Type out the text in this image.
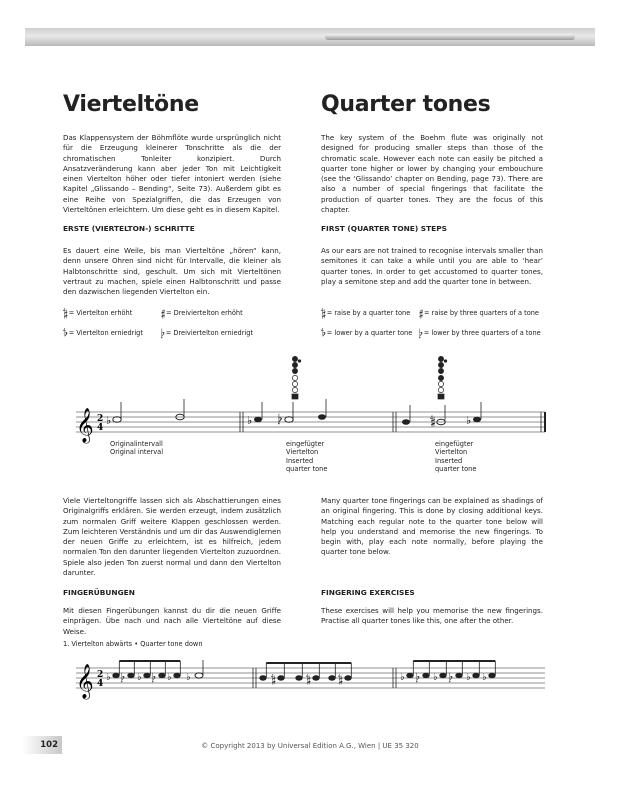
Vierteltöne

Das Klappensystem der Böhmflöte wurde ursprünglich nicht für die Erzeugung kleinerer Tonschritte als die der chromatischen Tonleiter konzipiert. Durch Ansatzveränderung kann aber jeder Ton mit Leichtigkeit einen Viertelton höher oder tiefer intoniert werden (siehe Kapitel „Glissando – Bending“, Seite 73). Außerdem gibt es eine Reihe von Spezialgriffen, die das Erzeugen von Vierteltönen erleichtern. Um diese geht es in diesem Kapitel.

ERSTE (VIERTELTON-) SCHRITTE

Es dauert eine Weile, bis man Vierteltöne „hören“ kann, denn unsere Ohren sind nicht für Intervalle, die kleiner als Halbtonschritte sind, geschult. Um sich mit Vierteltönen vertraut zu machen, spiele einen Halbtonschritt und passe den dazwischen liegenden Viertelton ein.

𝄲= Viertelton erhöht	𝄰= Dreiviertelton erhöht
𝄳= Viertelton erniedrigt 𝄭= Dreiviertelton erniedrigt

Viele Vierteltongriffe lassen sich als Abschattierungen eines Originalgriffs erklären. Sie werden erzeugt, indem zusätzlich zum normalen Griff weitere Klappen geschlossen werden. Zum leichteren Verständnis und um dir das Auswendiglernen der neuen Griffe zu erleichtern, ist es hilfreich, jedem normalen Ton den darunter liegenden Viertelton zuzuordnen. Spiele also jeden Ton zuerst normal und dann den Viertelton darunter.

FINGERÜBUNGEN

Mit diesen Fingerübungen kannst du dir die neuen Griffe einprägen. Übe nach und nach alle Vierteltöne auf diese Weise.

1. Viertelton abwärts • Quarter tone down
Quarter tones

The key system of the Boehm flute was originally not designed for producing smaller steps than those of the chromatic scale. However each note can easily be pitched a quarter tone higher or lower by changing your embouchure (see the ‘Glissando’ chapter on Bending, page 73). There are also a number of special fingerings that facilitate the production of quarter tones. They are the focus of this chapter.

FIRST (QUARTER TONE) STEPS

As our ears are not trained to recognise intervals smaller than semitones it can take a while until you are able to ‘hear’ quarter tones. In order to get accustomed to quarter tones, play a semitone step and add the quarter tone in between.

𝄲= raise by a quarter tone 𝄰= raise by three quarters of a tone
𝄳= lower by a quarter tone 𝄭= lower by three quarters of a tone

Many quarter tone fingerings can be explained as shadings of an original fingering. This is done by closing additional keys. Matching each regular note to the quarter tone below will help you understand and memorise the new fingerings. To begin with, play each note normally, before playing the quarter tone below.

FINGERING EXERCISES

These exercises will help you memorise the new fingerings. Practise all quarter tones like this, one after the other.

𝄞 2
4
♭	♭ 𝄭	𝄲	♭
Originalintervall
Original interval
eingefügter
Viertelton
Inserted
quarter tone
eingefügter
Viertelton
Inserted
quarter tone
𝄞 2
4
♭ 𝄭 ♭ 𝄭 ♭ ♭	𝄲	𝄲	𝄲	♭ 𝄭 ♭ 𝄭 ♭ ♭
102	© Copyright 2013 by Universal Edition A.G., Wien | UE 35 320
